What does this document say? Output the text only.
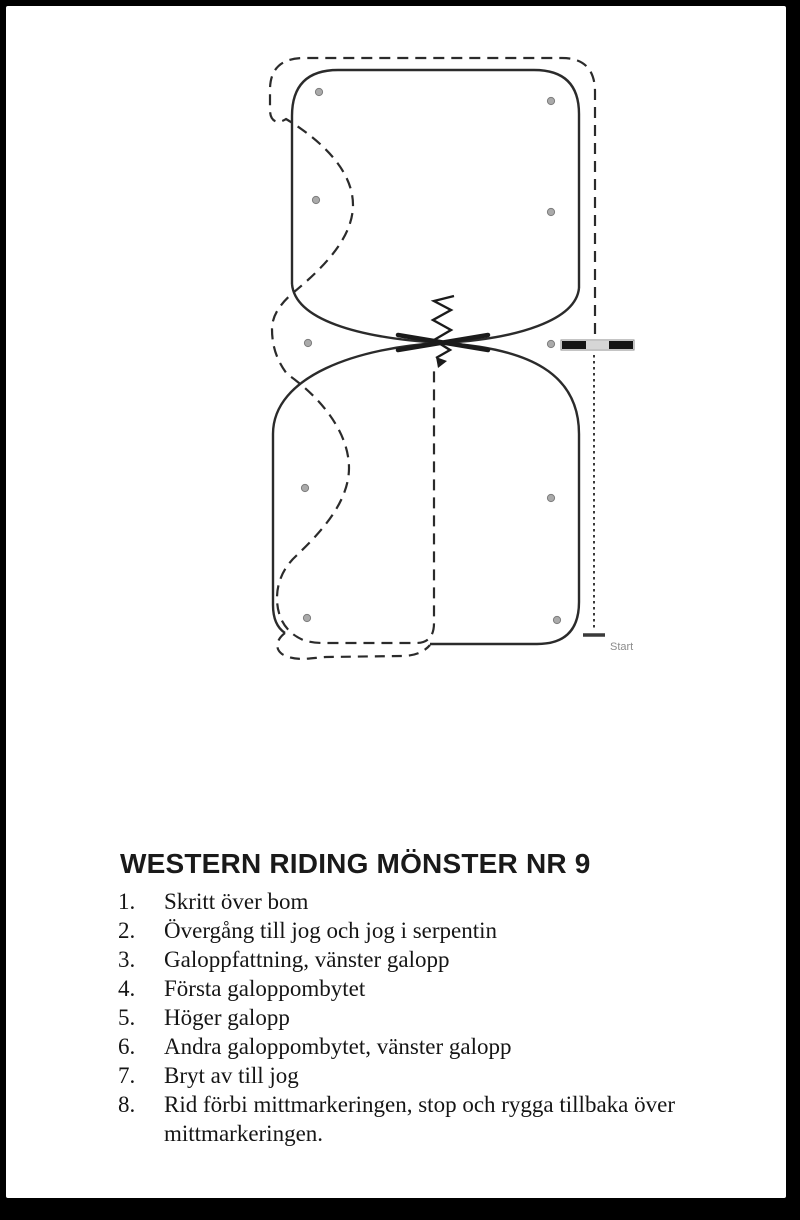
Start
WESTERN RIDING MÖNSTER NR 9
1.	Skritt över bom
2.	Övergång till jog och jog i serpentin
3.	Galoppfattning, vänster galopp
4.	Första galoppombytet
5.	Höger galopp
6.	Andra galoppombytet, vänster galopp
7.	Bryt av till jog
8.	Rid förbi mittmarkeringen, stop och rygga tillbaka över mittmarkeringen.
